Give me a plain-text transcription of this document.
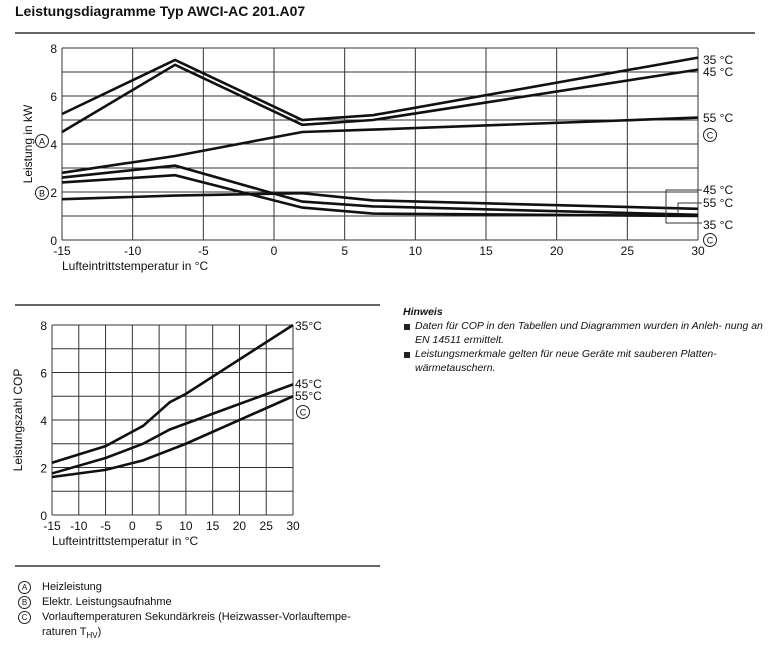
Leistungsdiagramme Typ AWCI-AC 201.A07
-15	-10	-5	0	5	10	15	20	25	30
0
2
4
6
8
Lufteintrittstemperatur in °C
Leistung in kW
35 °C
45 °C
55 °C
C
45 °C
55 °C
35 °C
C
A
B
-15 -10 -5 0 5 10 15 20 25 30
0
2
4
6
8
Lufteintrittstemperatur in °C
Leistungszahl COP
35°C
45°C
55°C
C
Hinweis
Daten für COP in den Tabellen und Diagrammen wurden in Anleh- nung an EN 14511 ermittelt.
Leistungsmerkmale gelten für neue Geräte mit sauberen Platten- wärmetauschern.
A	Heizleistung
B	Elektr. Leistungsaufnahme
C	Vorlauftemperaturen Sekundärkreis (Heizwasser-Vorlauftempe- raturen $T_{HV}$)
